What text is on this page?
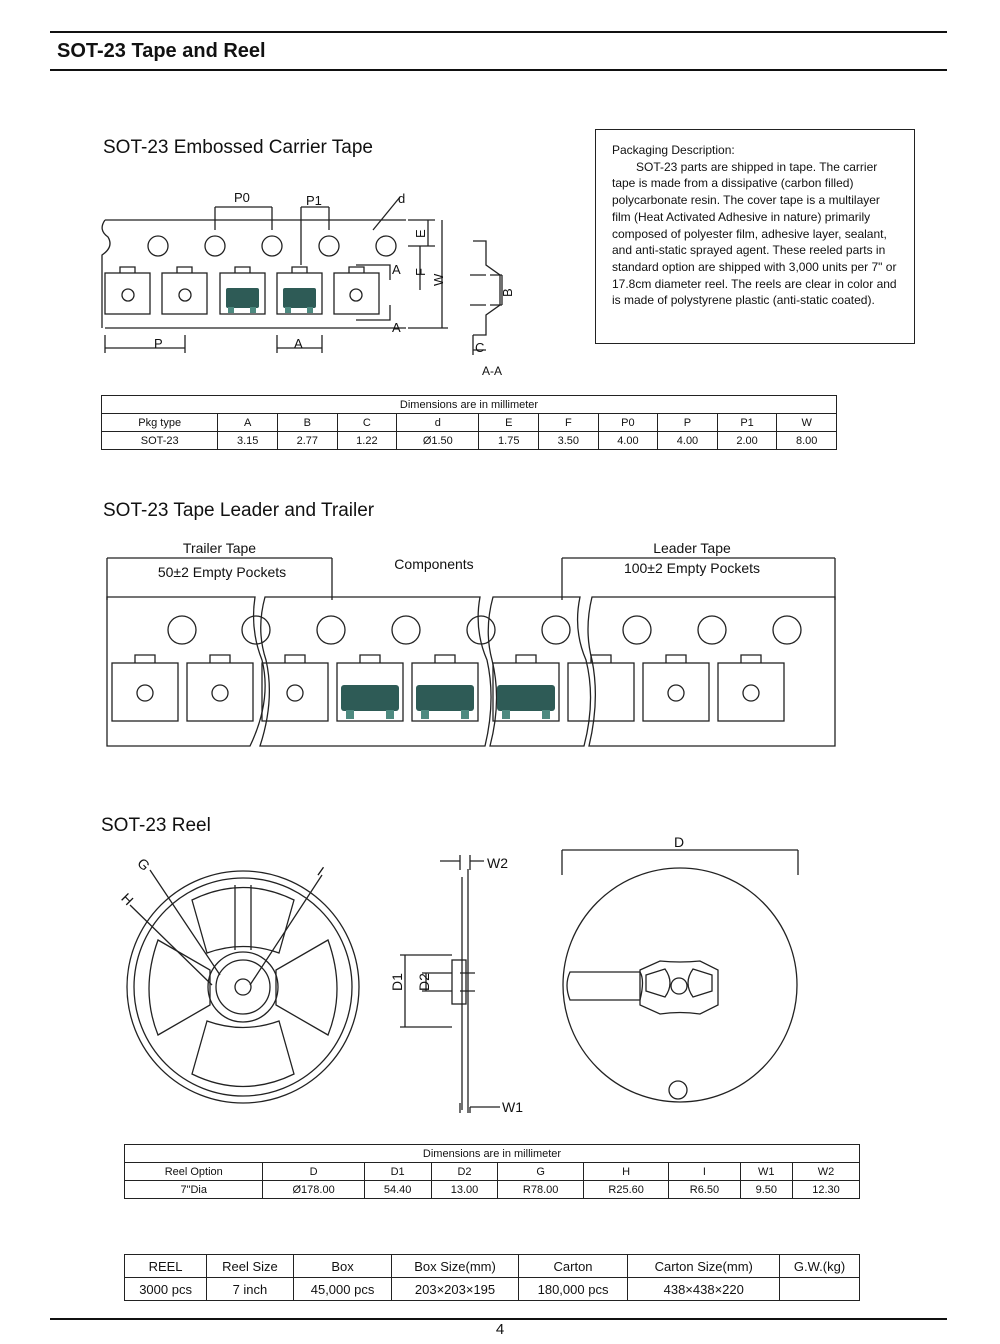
SOT-23 Tape and Reel
SOT-23 Embossed Carrier Tape
P0	P1	d
A
A
E
F
W
P	A
B
C
A-A

Packaging Description:

SOT-23 parts are shipped in tape. The carrier tape is made from a dissipative (carbon filled) polycarbonate resin. The cover tape is a multilayer film (Heat Activated Adhesive in nature) primarily composed of polyester film, adhesive layer, sealant, and anti-static sprayed agent. These reeled parts in standard option are shipped with 3,000 units per 7" or 17.8cm diameter reel. The reels are clear in color and is made of polystyrene plastic (anti-static coated).

Dimensions are in millimeter										
Pkg type	A	B	C	d	E	F	P0	P	P1	W
SOT-23	3.15	2.77	1.22	Ø1.50	1.75	3.50	4.00	4.00	2.00	8.00
SOT-23 Tape Leader and Trailer
Trailer Tape
50±2 Empty Pockets	Components
Leader Tape
100±2 Empty Pockets
SOT-23 Reel
G
H
I
W2
W1
D1 D2
D
Dimensions are in millimeter								
Reel Option	D	D1	D2	G	H	I	W1	W2
7"Dia	Ø178.00	54.40	13.00	R78.00	R25.60	R6.50	9.50	12.30
REEL	Reel Size	Box	Box Size(mm)	Carton	Carton Size(mm)	G.W.(kg)
3000 pcs	7 inch	45,000 pcs	203×203×195	180,000 pcs	438×438×220	
4
